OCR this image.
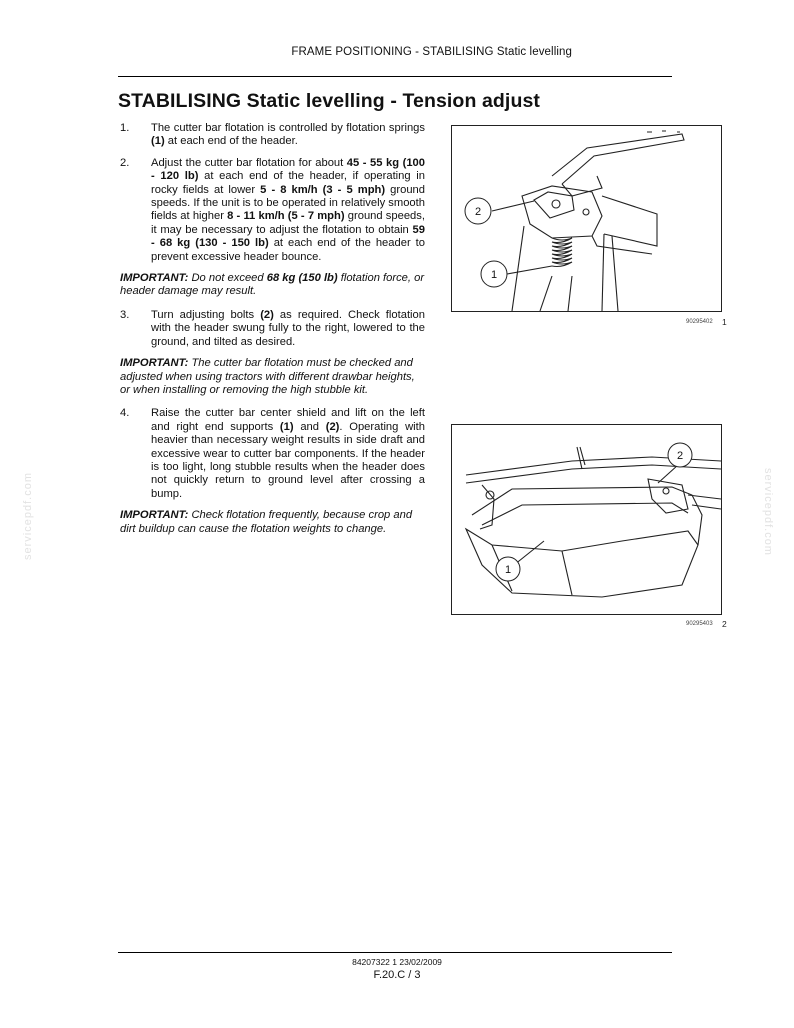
FRAME POSITIONING - STABILISING Static levelling
STABILISING Static levelling - Tension adjust
1.	The cutter bar flotation is controlled by flotation springs (1) at each end of the header.
2.	Adjust the cutter bar flotation for about 45 - 55 kg (100 - 120 lb) at each end of the header, if operating in rocky fields at lower 5 - 8 km/h (3 - 5 mph) ground speeds. If the unit is to be operated in relatively smooth fields at higher 8 - 11 km/h (5 - 7 mph) ground speeds, it may be necessary to adjust the flotation to obtain 59 - 68 kg (130 - 150 lb) at each end of the header to prevent excessive header bounce.

IMPORTANT: Do not exceed 68 kg (150 lb) flotation force, or header damage may result.

3.	Turn adjusting bolts (2) as required. Check flotation with the header swung fully to the right, lowered to the ground, and tilted as desired.

IMPORTANT: The cutter bar flotation must be checked and adjusted when using tractors with different drawbar heights, or when installing or removing the high stubble kit.

4.	Raise the cutter bar center shield and lift on the left and right end supports (1) and (2). Operating with heavier than necessary weight results in side draft and excessive wear to cutter bar components. If the header is too light, long stubble results when the header does not quickly return to ground level after crossing a bump.

IMPORTANT: Check flotation frequently, because crop and dirt buildup can cause the flotation weights to change.

2
1
90295402 1
1
2
90295403 2
servicepdf.com	servicepdf.com
84207322 1 23/02/2009
F.20.C / 3
